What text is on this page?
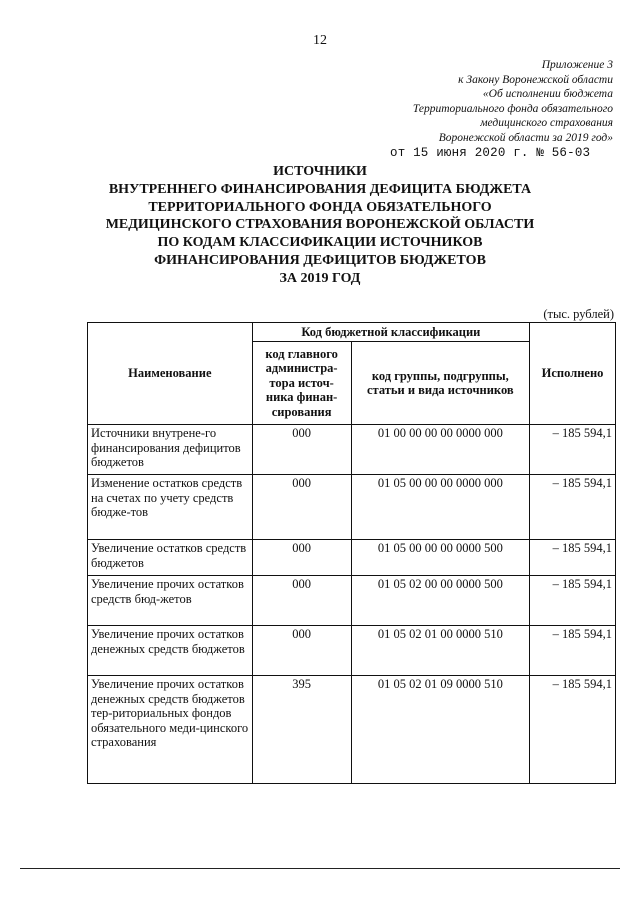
12
Приложение 3
к Закону Воронежской области
«Об исполнении бюджета
Территориального фонда обязательного
медицинского страхования
Воронежской области за 2019 год»
от 15 июня 2020 г. № 56-03
ИСТОЧНИКИ
ВНУТРЕННЕГО ФИНАНСИРОВАНИЯ ДЕФИЦИТА БЮДЖЕТА
ТЕРРИТОРИАЛЬНОГО ФОНДА ОБЯЗАТЕЛЬНОГО
МЕДИЦИНСКОГО СТРАХОВАНИЯ ВОРОНЕЖСКОЙ ОБЛАСТИ
ПО КОДАМ КЛАССИФИКАЦИИ ИСТОЧНИКОВ
ФИНАНСИРОВАНИЯ ДЕФИЦИТОВ БЮДЖЕТОВ
ЗА 2019 ГОД
(тыс. рублей)
Наименование	Код бюджетной классификации		Исполнено
	код главного администра-тора источ-ника финан-сирования	код группы, подгруппы, статьи и вида источников	
Источники внутрене-го финансирования дефицитов бюджетов	000	01 00 00 00 00 0000 000	– 185 594,1
Изменение остатков средств на счетах по учету средств бюдже-тов	000	01 05 00 00 00 0000 000	– 185 594,1
Увеличение остатков средств бюджетов	000	01 05 00 00 00 0000 500	– 185 594,1
Увеличение прочих остатков средств бюд-жетов	000	01 05 02 00 00 0000 500	– 185 594,1
Увеличение прочих остатков денежных средств бюджетов	000	01 05 02 01 00 0000 510	– 185 594,1
Увеличение прочих остатков денежных средств бюджетов тер-риториальных фондов обязательного меди-цинского страхования	395	01 05 02 01 09 0000 510	– 185 594,1
